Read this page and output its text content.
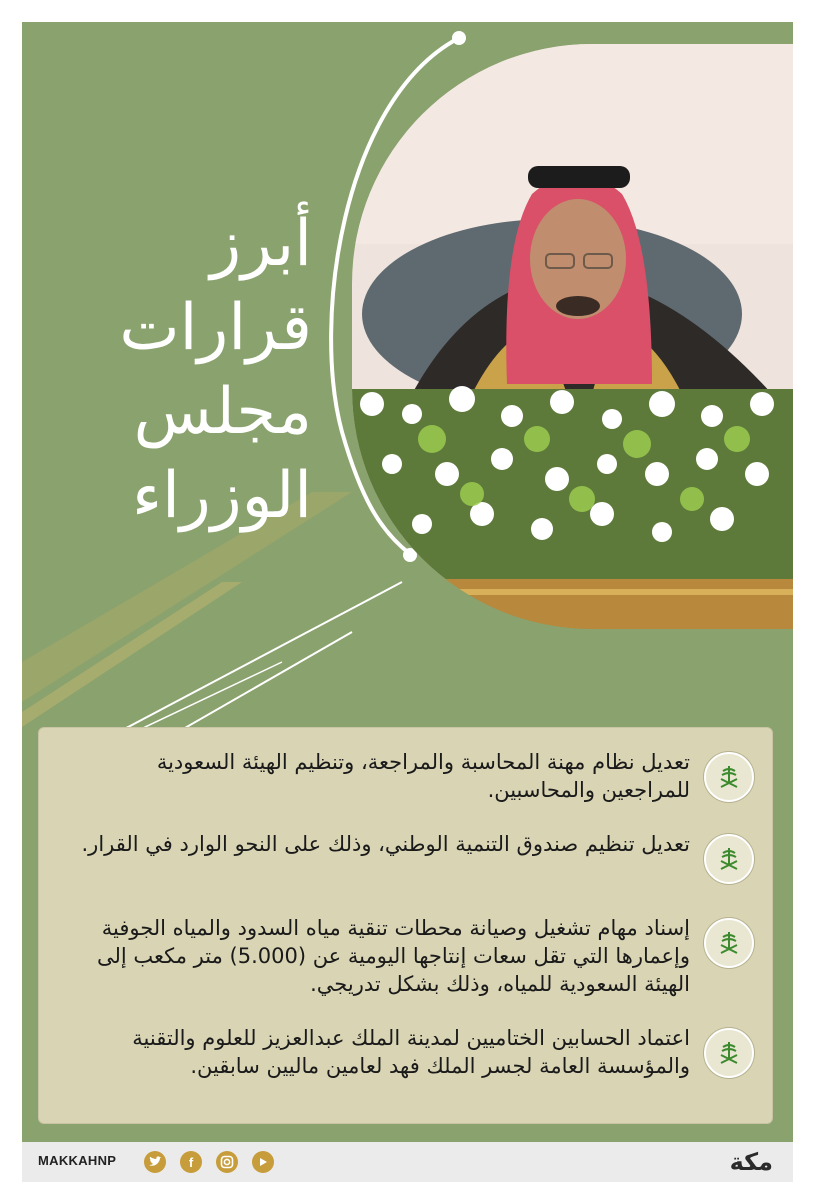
أبرز
قرارات
مجلس
الوزراء
تعديل نظام مهنة المحاسبة والمراجعة، وتنظيم الهيئة السعودية للمراجعين والمحاسبين.
تعديل تنظيم صندوق التنمية الوطني، وذلك على النحو الوارد في القرار.
إسناد مهام تشغيل وصيانة محطات تنقية مياه السدود والمياه الجوفية وإعمارها التي تقل سعات إنتاجها اليومية عن (5.000) متر مكعب إلى الهيئة السعودية للمياه، وذلك بشكل تدريجي.
اعتماد الحسابين الختاميين لمدينة الملك عبدالعزيز للعلوم والتقنية والمؤسسة العامة لجسر الملك فهد لعامين ماليين سابقين.
MAKKAHNP	f	مكة
